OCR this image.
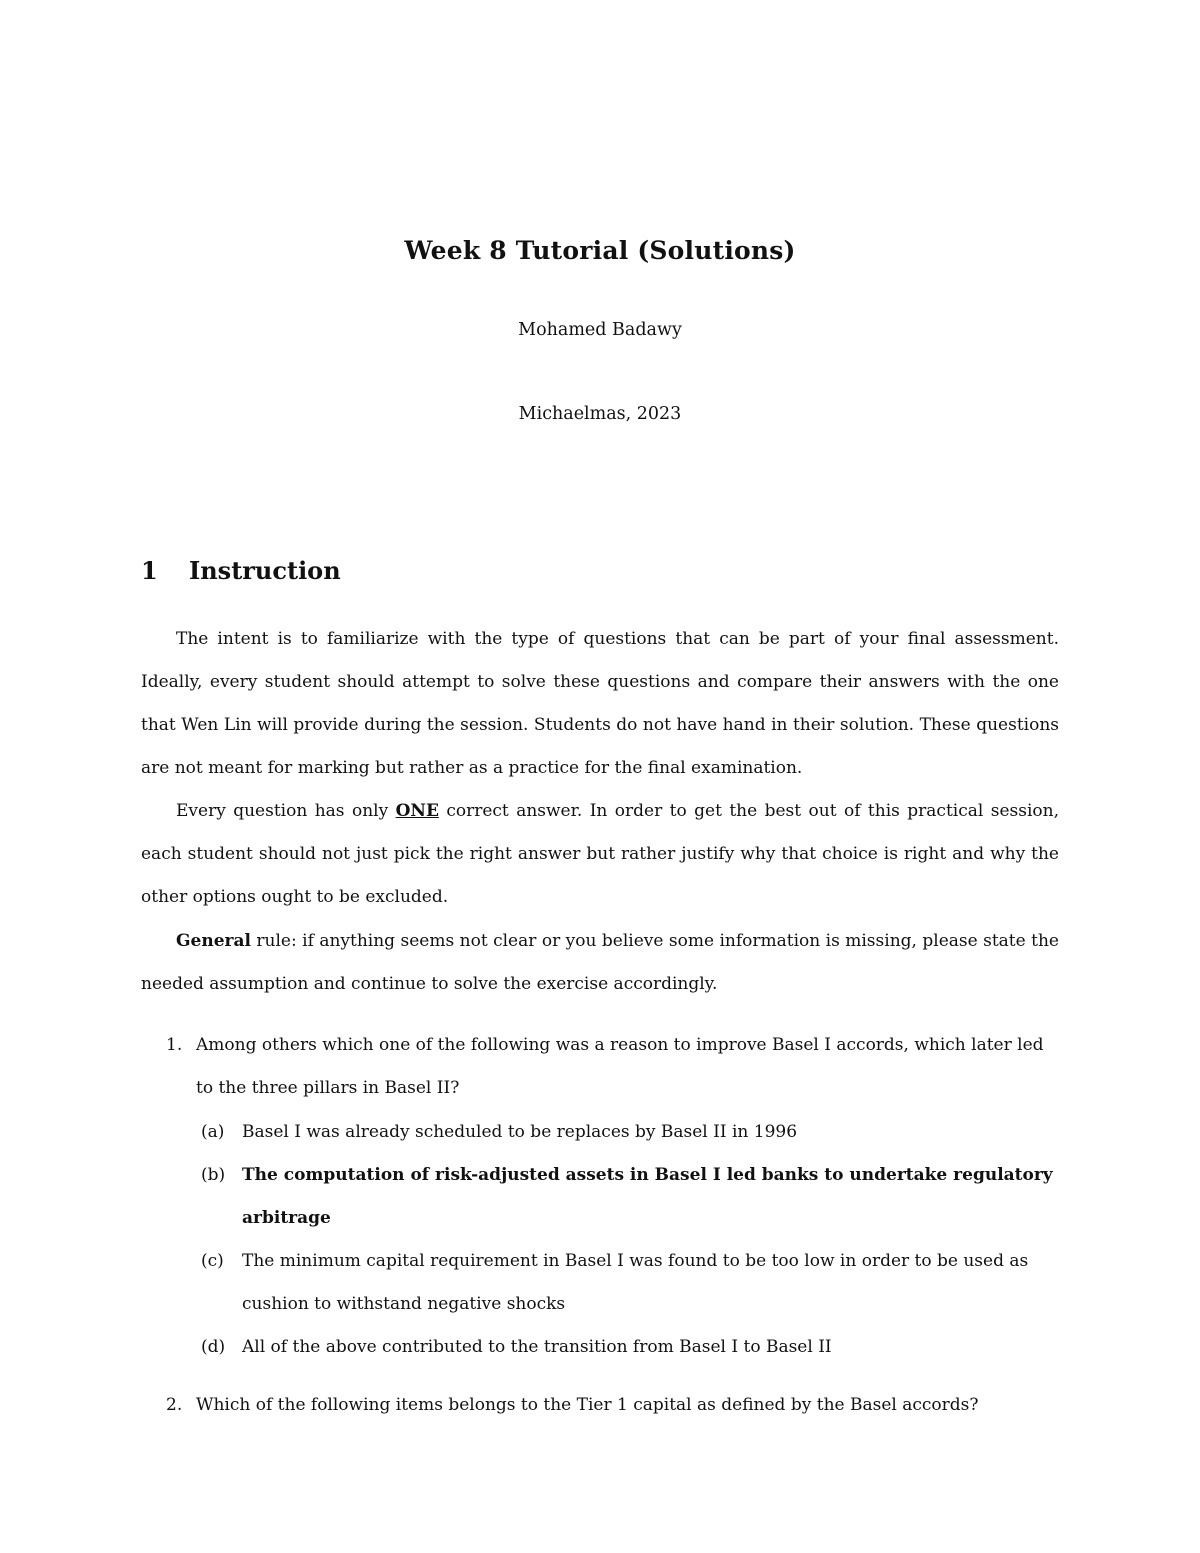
Week 8 Tutorial (Solutions)
Mohamed Badawy
Michaelmas, 2023
1 Instruction
The intent is to familiarize with the type of questions that can be part of your final assessment. Ideally, every student should attempt to solve these questions and compare their answers with the one that Wen Lin will provide during the session. Students do not have hand in their solution. These questions are not meant for marking but rather as a practice for the final examination.
Every question has only ONE correct answer. In order to get the best out of this practical session, each student should not just pick the right answer but rather justify why that choice is right and why the other options ought to be excluded.
General rule: if anything seems not clear or you believe some information is missing, please state the needed assumption and continue to solve the exercise accordingly.
1. Among others which one of the following was a reason to improve Basel I accords, which later led to the three pillars in Basel II?
(a) Basel I was already scheduled to be replaces by Basel II in 1996
(b) The computation of risk-adjusted assets in Basel I led banks to undertake regulatory arbitrage
(c) The minimum capital requirement in Basel I was found to be too low in order to be used as cushion to withstand negative shocks
(d) All of the above contributed to the transition from Basel I to Basel II
2. Which of the following items belongs to the Tier 1 capital as defined by the Basel accords?
